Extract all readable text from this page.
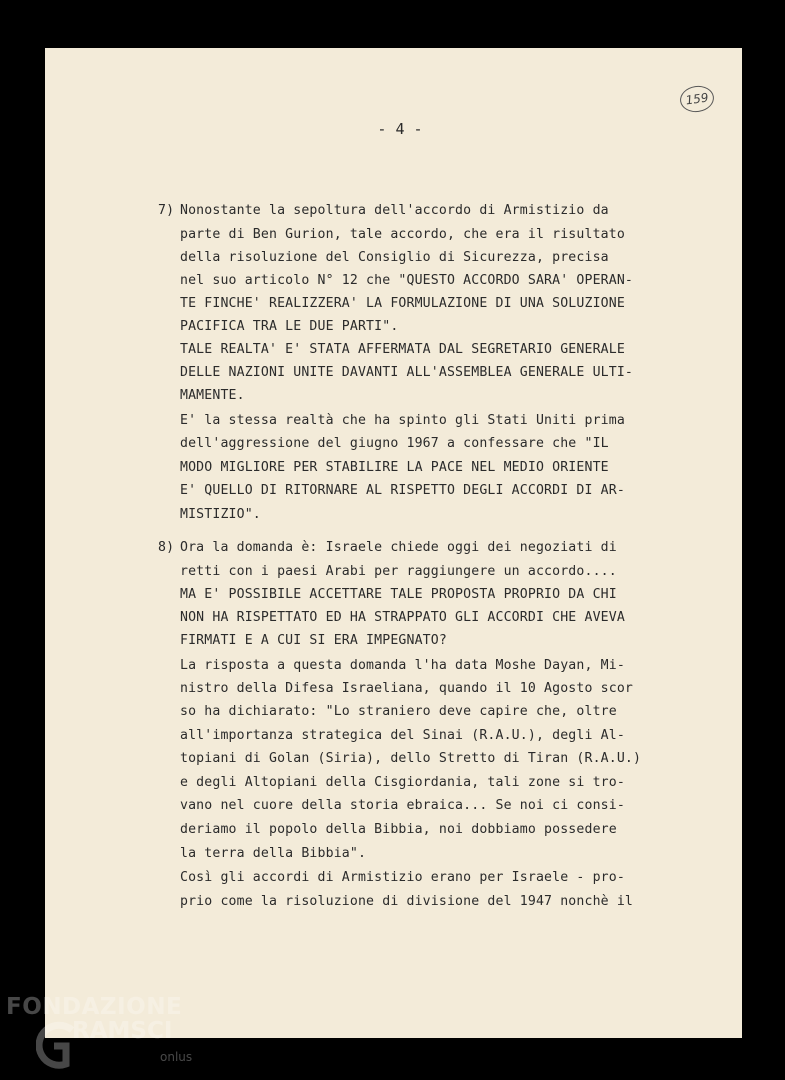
159
- 4 -
7) Nonostante la sepoltura dell'accordo di Armistizio da
parte di Ben Gurion, tale accordo, che era il risultato
della risoluzione del Consiglio di Sicurezza, precisa
nel suo articolo N° 12 che "QUESTO ACCORDO SARA' OPERAN-
TE FINCHE' REALIZZERA' LA FORMULAZIONE DI UNA SOLUZIONE
PACIFICA TRA LE DUE PARTI".
TALE REALTA' E' STATA AFFERMATA DAL SEGRETARIO GENERALE
DELLE NAZIONI UNITE DAVANTI ALL'ASSEMBLEA GENERALE ULTI-
MAMENTE.
E' la stessa realtà che ha spinto gli Stati Uniti prima
dell'aggressione del giugno 1967 a confessare che "IL
MODO MIGLIORE PER STABILIRE LA PACE NEL MEDIO ORIENTE
E' QUELLO DI RITORNARE AL RISPETTO DEGLI ACCORDI DI AR-
MISTIZIO".
8) Ora la domanda è: Israele chiede oggi dei negoziati di
retti con i paesi Arabi per raggiungere un accordo....
MA E' POSSIBILE ACCETTARE TALE PROPOSTA PROPRIO DA CHI
NON HA RISPETTATO ED HA STRAPPATO GLI ACCORDI CHE AVEVA
FIRMATI E A CUI SI ERA IMPEGNATO?
La risposta a questa domanda l'ha data Moshe Dayan, Mi-
nistro della Difesa Israeliana, quando il 10 Agosto scor
so ha dichiarato: "Lo straniero deve capire che, oltre
all'importanza strategica del Sinai (R.A.U.), degli Al-
topiani di Golan (Siria), dello Stretto di Tiran (R.A.U.)
e degli Altopiani della Cisgiordania, tali zone si tro-
vano nel cuore della storia ebraica... Se noi ci consi-
deriamo il popolo della Bibbia, noi dobbiamo possedere
la terra della Bibbia".
Così gli accordi di Armistizio erano per Israele - pro-
prio come la risoluzione di divisione del 1947 nonchè il
FONDAZIONE
RAMSCI
onlus
